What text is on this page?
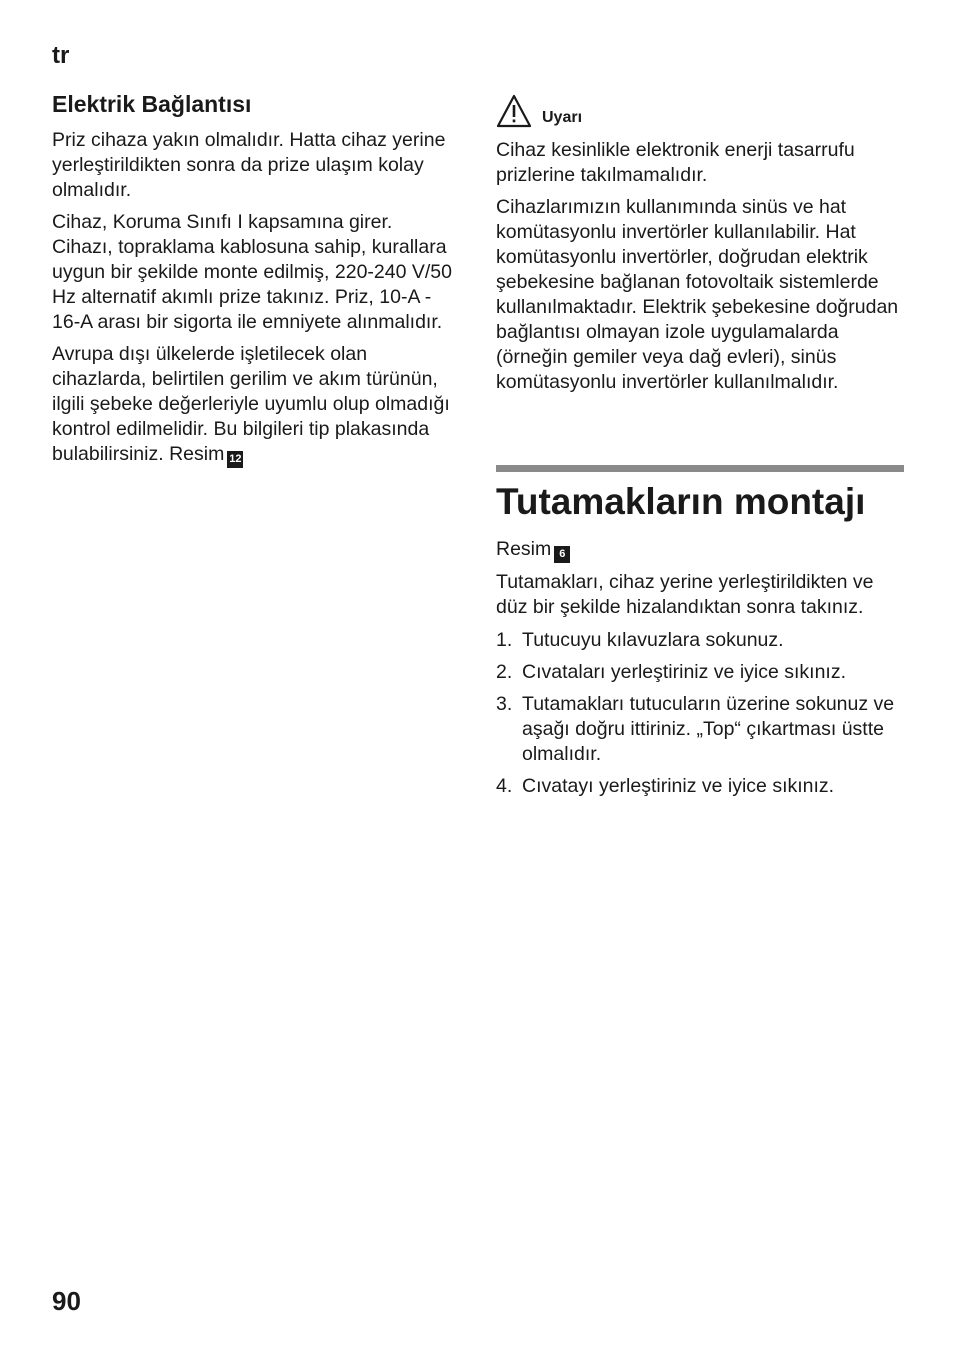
tr
Elektrik Bağlantısı

Priz cihaza yakın olmalıdır. Hatta cihaz yerine yerleştirildikten sonra da prize ulaşım kolay olmalıdır.

Cihaz, Koruma Sınıfı I kapsamına girer. Cihazı, topraklama kablosuna sahip, kurallara uygun bir şekilde monte edilmiş, 220-240 V/50 Hz alternatif akımlı prize takınız. Priz, 10-A - 16-A arası bir sigorta ile emniyete alınmalıdır.

Avrupa dışı ülkelerde işletilecek olan cihazlarda, belirtilen gerilim ve akım türünün, ilgili şebeke değerleriyle uyumlu olup olmadığı kontrol edilmelidir. Bu bilgileri tip plakasında bulabilirsiniz. Resim 12

Uyarı

Cihaz kesinlikle elektronik enerji tasarrufu prizlerine takılmamalıdır.

Cihazlarımızın kullanımında sinüs ve hat komütasyonlu invertörler kullanılabilir. Hat komütasyonlu invertörler, doğrudan elektrik şebekesine bağlanan fotovoltaik sistemlerde kullanılmaktadır. Elektrik şebekesine doğrudan bağlantısı olmayan izole uygulamalarda (örneğin gemiler veya dağ evleri), sinüs komütasyonlu invertörler kullanılmalıdır.

Tutamakların montajı

Resim 6

Tutamakları, cihaz yerine yerleştirildikten ve düz bir şekilde hizalandıktan sonra takınız.

1. Tutucuyu kılavuzlara sokunuz.
2. Cıvataları yerleştiriniz ve iyice sıkınız.
3. Tutamakları tutucuların üzerine sokunuz ve aşağı doğru ittiriniz. „Top“ çıkartması üstte olmalıdır.
4. Cıvatayı yerleştiriniz ve iyice sıkınız.
90
